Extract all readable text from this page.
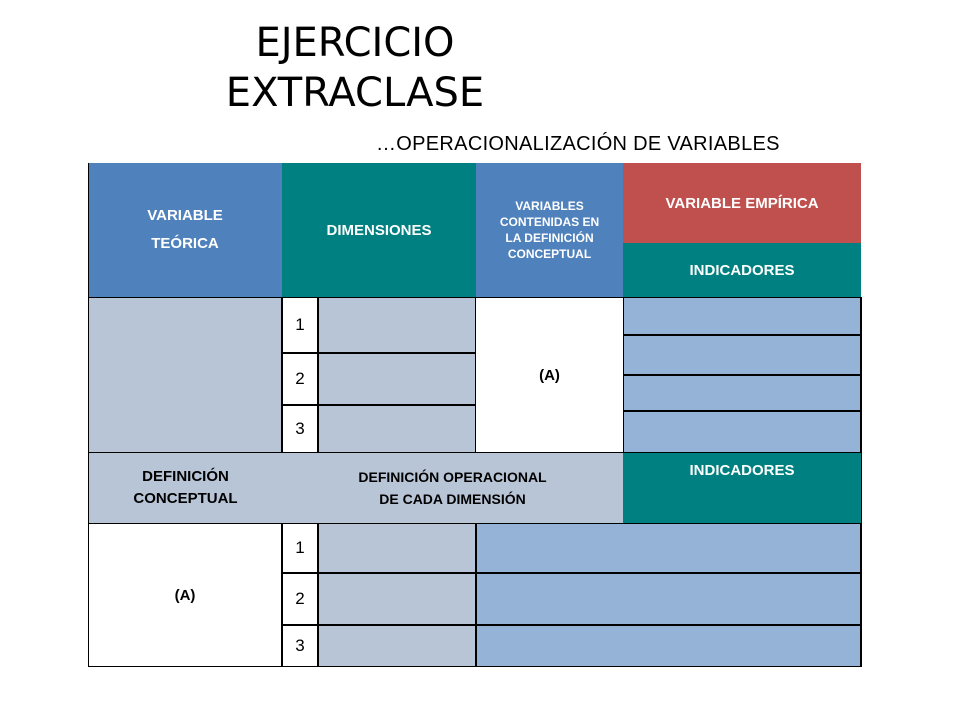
EJERCICIO
EXTRACLASE
…OPERACIONALIZACIÓN DE VARIABLES
VARIABLE
TEÓRICA
DIMENSIONES
VARIABLES CONTENIDAS EN LA DEFINICIÓN CONCEPTUAL
VARIABLE EMPÍRICA
INDICADORES
1
2
3
(A)
DEFINICIÓN CONCEPTUAL
DEFINICIÓN OPERACIONAL DE CADA DIMENSIÓN
INDICADORES
(A)
1
2
3
